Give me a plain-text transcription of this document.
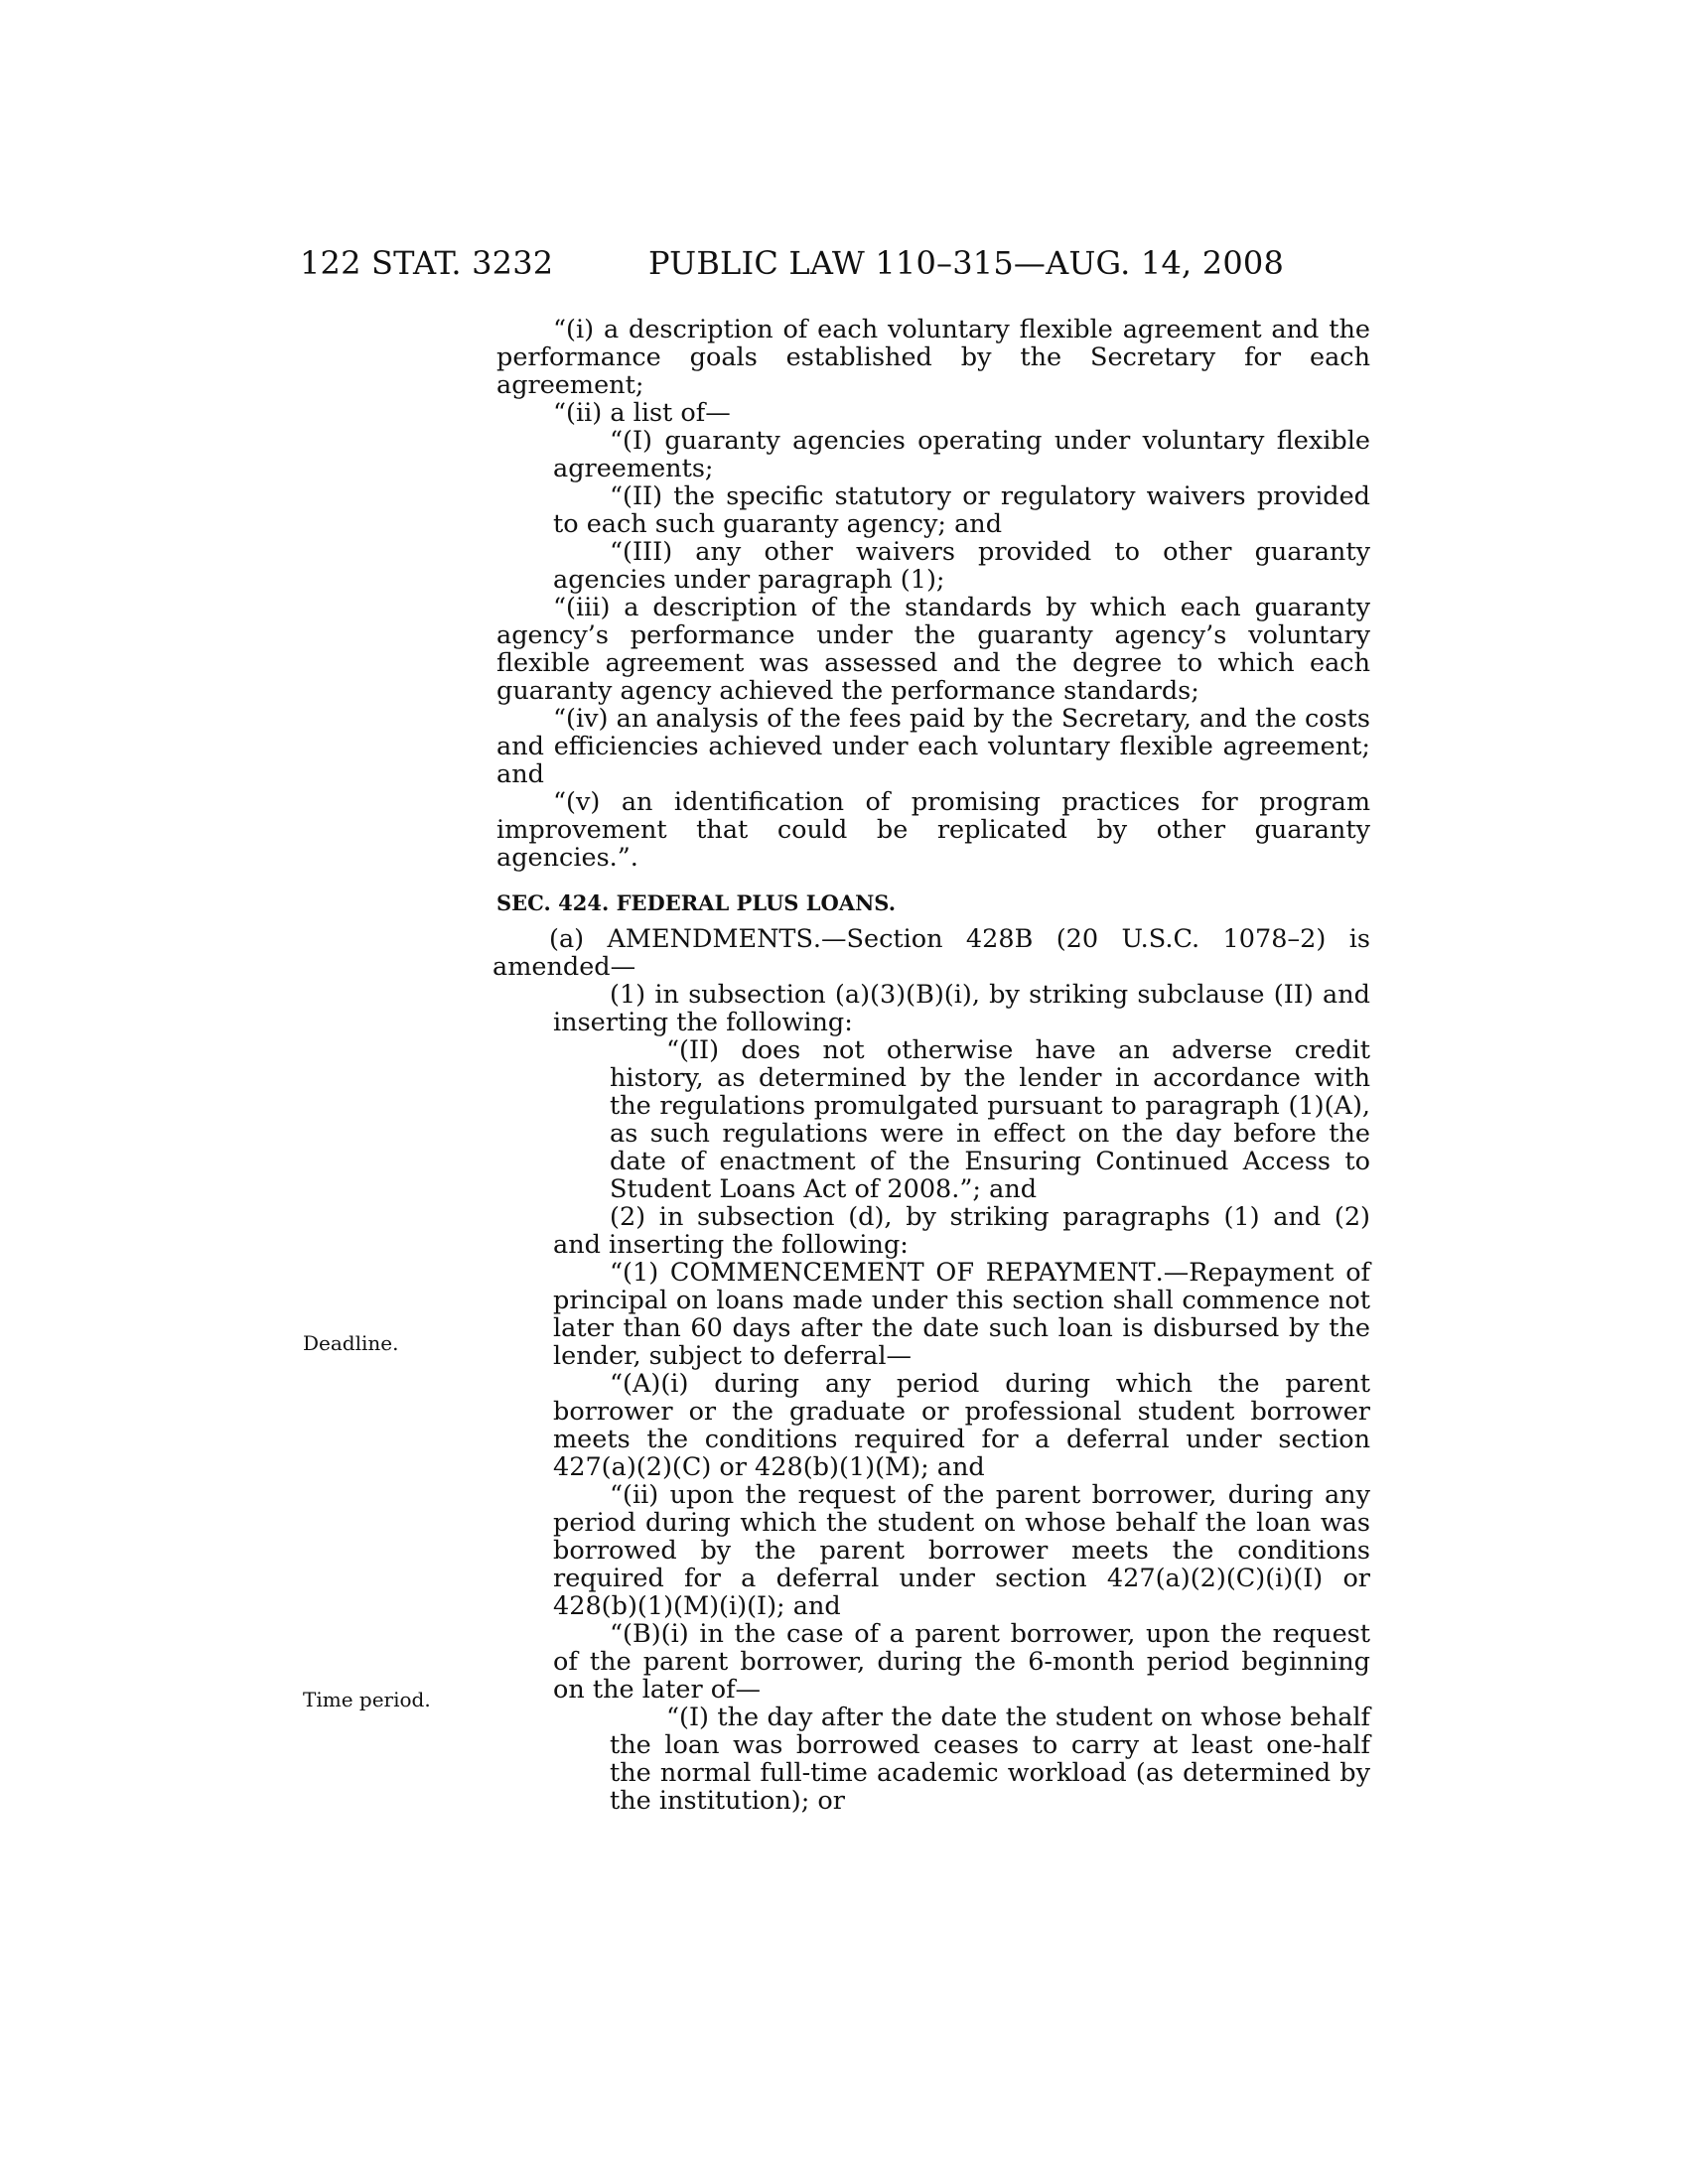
122 STAT. 3232	PUBLIC LAW 110–315—AUG. 14, 2008
Deadline.
Time period.

“(i) a description of each voluntary flexible agreement and the performance goals established by the Secretary for each agreement;

“(ii) a list of—

“(I) guaranty agencies operating under voluntary flexible agreements;

“(II) the specific statutory or regulatory waivers provided to each such guaranty agency; and

“(III) any other waivers provided to other guaranty agencies under paragraph (1);

“(iii) a description of the standards by which each guaranty agency’s performance under the guaranty agency’s voluntary flexible agreement was assessed and the degree to which each guaranty agency achieved the performance standards;

“(iv) an analysis of the fees paid by the Secretary, and the costs and efficiencies achieved under each voluntary flexible agreement; and

“(v) an identification of promising practices for program improvement that could be replicated by other guaranty agencies.”.

SEC. 424. FEDERAL PLUS LOANS.

(a) AMENDMENTS.—Section 428B (20 U.S.C. 1078–2) is amended—

(1) in subsection (a)(3)(B)(i), by striking subclause (II) and inserting the following:

“(II) does not otherwise have an adverse credit history, as determined by the lender in accordance with the regulations promulgated pursuant to paragraph (1)(A), as such regulations were in effect on the day before the date of enactment of the Ensuring Continued Access to Student Loans Act of 2008.”; and

(2) in subsection (d), by striking paragraphs (1) and (2) and inserting the following:

“(1) COMMENCEMENT OF REPAYMENT.—Repayment of principal on loans made under this section shall commence not later than 60 days after the date such loan is disbursed by the lender, subject to deferral—

“(A)(i) during any period during which the parent borrower or the graduate or professional student borrower meets the conditions required for a deferral under section 427(a)(2)(C) or 428(b)(1)(M); and

“(ii) upon the request of the parent borrower, during any period during which the student on whose behalf the loan was borrowed by the parent borrower meets the conditions required for a deferral under section 427(a)(2)(C)(i)(I) or 428(b)(1)(M)(i)(I); and

“(B)(i) in the case of a parent borrower, upon the request of the parent borrower, during the 6-month period beginning on the later of—

“(I) the day after the date the student on whose behalf the loan was borrowed ceases to carry at least one-half the normal full-time academic workload (as determined by the institution); or
